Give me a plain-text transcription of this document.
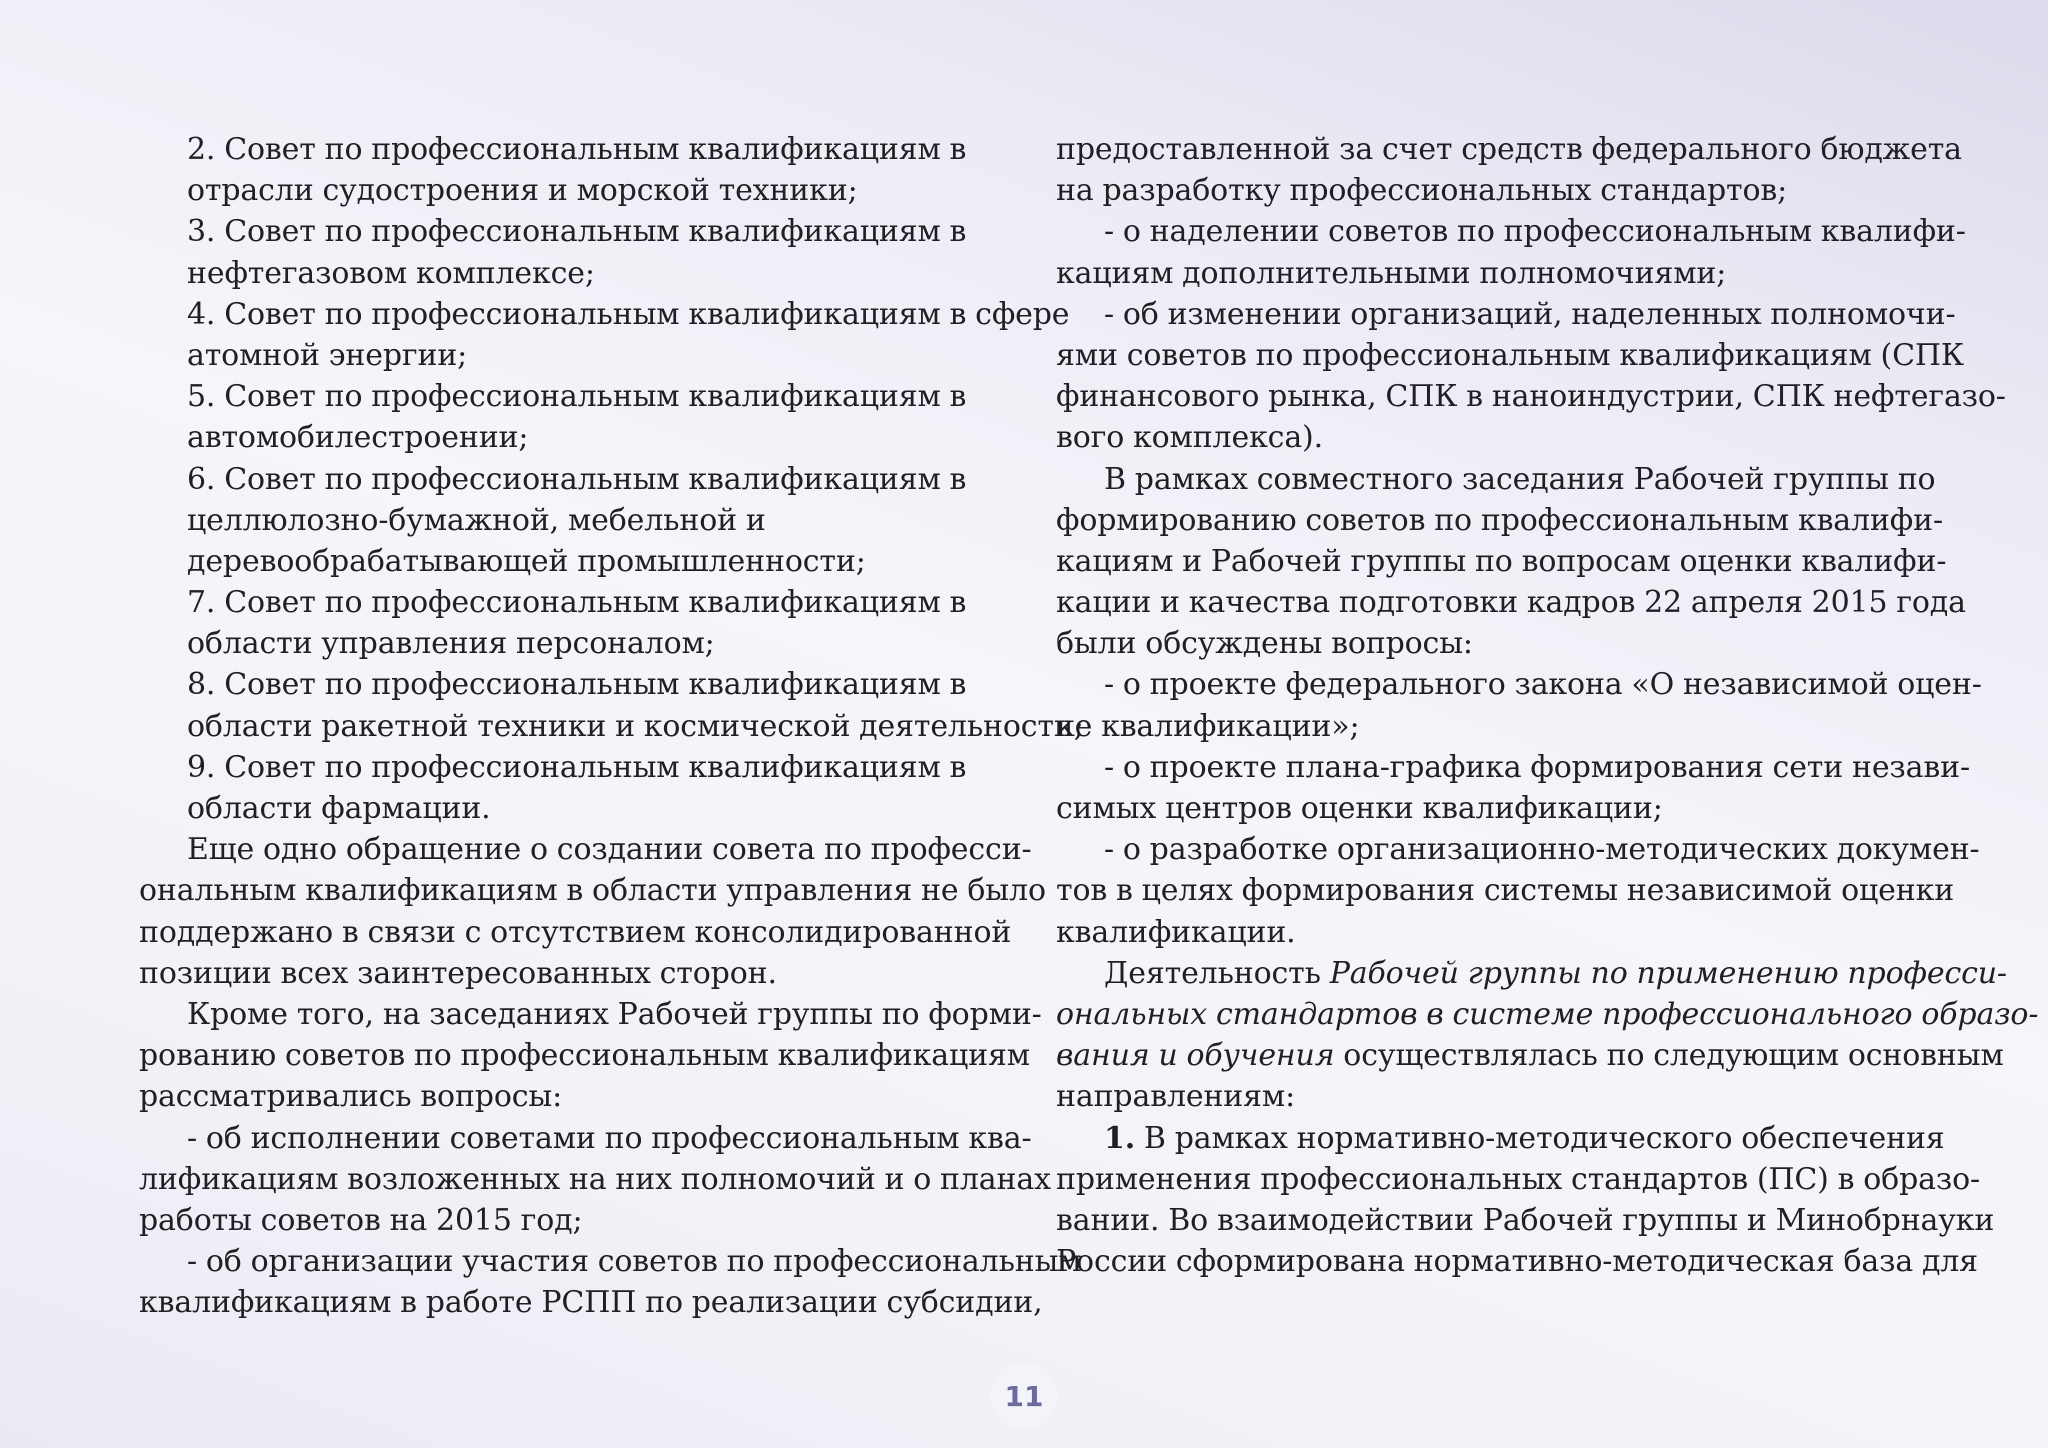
2. Совет по профессиональным квалификациям в
отрасли судостроения и морской техники;
3. Совет по профессиональным квалификациям в
нефтегазовом комплексе;
4. Совет по профессиональным квалификациям в сфере
атомной энергии;
5. Совет по профессиональным квалификациям в
автомобилестроении;
6. Совет по профессиональным квалификациям в
целлюлозно-бумажной, мебельной и
деревообрабатывающей промышленности;
7. Совет по профессиональным квалификациям в
области управления персоналом;
8. Совет по профессиональным квалификациям в
области ракетной техники и космической деятельности;
9. Совет по профессиональным квалификациям в
области фармации.
Еще одно обращение о создании совета по професси-
ональным квалификациям в области управления не было
поддержано в связи с отсутствием консолидированной
позиции всех заинтересованных сторон.
Кроме того, на заседаниях Рабочей группы по форми-
рованию советов по профессиональным квалификациям
рассматривались вопросы:
- об исполнении советами по профессиональным ква-
лификациям возложенных на них полномочий и о планах
работы советов на 2015 год;
- об организации участия советов по профессиональным
квалификациям в работе РСПП по реализации субсидии,
предоставленной за счет средств федерального бюджета
на разработку профессиональных стандартов;
- о наделении советов по профессиональным квалифи-
кациям дополнительными полномочиями;
- об изменении организаций, наделенных полномочи-
ями советов по профессиональным квалификациям (СПК
финансового рынка, СПК в наноиндустрии, СПК нефтегазо-
вого комплекса).
В рамках совместного заседания Рабочей группы по
формированию советов по профессиональным квалифи-
кациям и Рабочей группы по вопросам оценки квалифи-
кации и качества подготовки кадров 22 апреля 2015 года
были обсуждены вопросы:
- о проекте федерального закона «О независимой оцен-
ке квалификации»;
- о проекте плана-графика формирования сети незави-
симых центров оценки квалификации;
- о разработке организационно-методических докумен-
тов в целях формирования системы независимой оценки
квалификации.
Деятельность Рабочей группы по применению професси-
ональных стандартов в системе профессионального образо-
вания и обучения осуществлялась по следующим основным
направлениям:
1. В рамках нормативно-методического обеспечения
применения профессиональных стандартов (ПС) в образо-
вании. Во взаимодействии Рабочей группы и Минобрнауки
России сформирована нормативно-методическая база для
11
